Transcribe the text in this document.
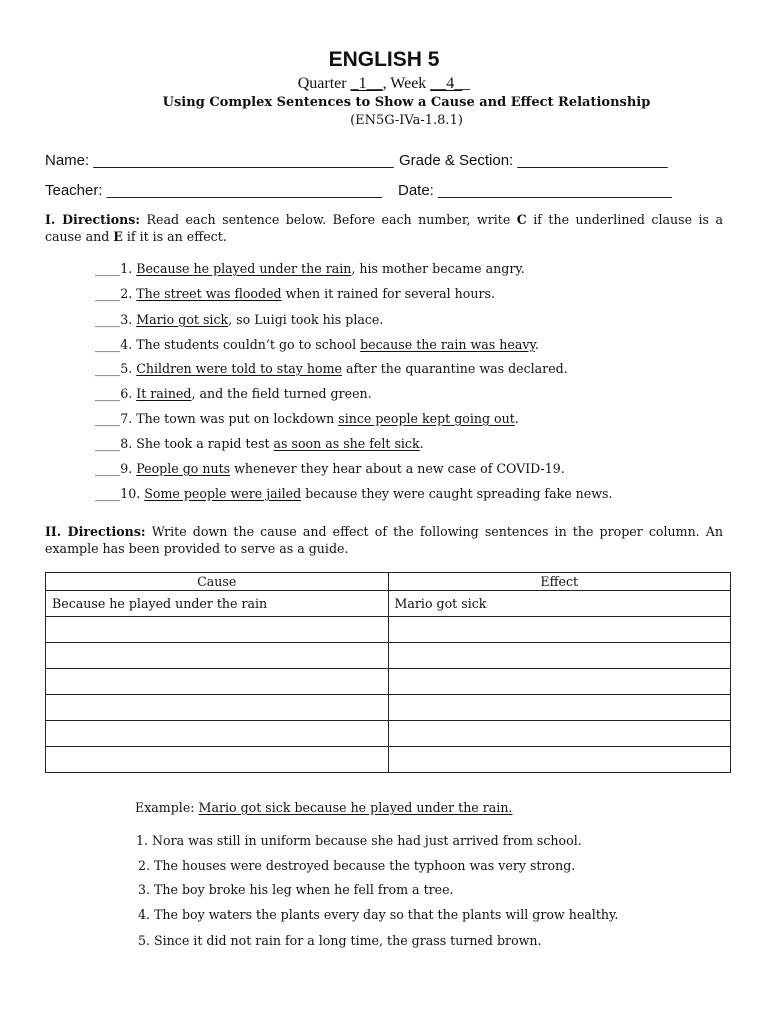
ENGLISH 5
Quarter _1__, Week __4__
Using Complex Sentences to Show a Cause and Effect Relationship
(EN5G-IVa-1.8.1)
Name: ____________________________________ Grade & Section: __________________
Teacher: _________________________________ Date: ____________________________
I. Directions: Read each sentence below. Before each number, write C if the underlined clause is a cause and E if it is an effect.
____1. Because he played under the rain, his mother became angry.
____2. The street was flooded when it rained for several hours.
____3. Mario got sick, so Luigi took his place.
____4. The students couldn’t go to school because the rain was heavy.
____5. Children were told to stay home after the quarantine was declared.
____6. It rained, and the field turned green.
____7. The town was put on lockdown since people kept going out.
____8. She took a rapid test as soon as she felt sick.
____9. People go nuts whenever they hear about a new case of COVID-19.
____10. Some people were jailed because they were caught spreading fake news.
II. Directions: Write down the cause and effect of the following sentences in the proper column. An example has been provided to serve as a guide.
Cause	Effect
Because he played under the rain	Mario got sick

Example: Mario got sick because he played under the rain.
1. Nora was still in uniform because she had just arrived from school.
2. The houses were destroyed because the typhoon was very strong.
3. The boy broke his leg when he fell from a tree.
4. The boy waters the plants every day so that the plants will grow healthy.
5. Since it did not rain for a long time, the grass turned brown.
